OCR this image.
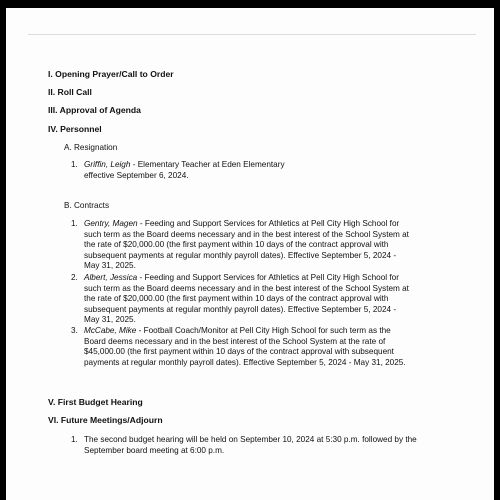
I. Opening Prayer/Call to Order
II. Roll Call
III. Approval of Agenda
IV. Personnel
A. Resignation
1. Griffin, Leigh - Elementary Teacher at Eden Elementary effective September 6, 2024.
B. Contracts
1. Gentry, Magen - Feeding and Support Services for Athletics at Pell City High School for such term as the Board deems necessary and in the best interest of the School System at the rate of $20,000.00 (the first payment within 10 days of the contract approval with subsequent payments at regular monthly payroll dates). Effective September 5, 2024 - May 31, 2025.
2. Albert, Jessica - Feeding and Support Services for Athletics at Pell City High School for such term as the Board deems necessary and in the best interest of the School System at the rate of $20,000.00 (the first payment within 10 days of the contract approval with subsequent payments at regular monthly payroll dates). Effective September 5, 2024 - May 31, 2025.
3. McCabe, Mike - Football Coach/Monitor at Pell City High School for such term as the Board deems necessary and in the best interest of the School System at the rate of $45,000.00 (the first payment within 10 days of the contract approval with subsequent payments at regular monthly payroll dates). Effective September 5, 2024 - May 31, 2025.
V. First Budget Hearing
VI. Future Meetings/Adjourn
1. The second budget hearing will be held on September 10, 2024 at 5:30 p.m. followed by the September board meeting at 6:00 p.m.
